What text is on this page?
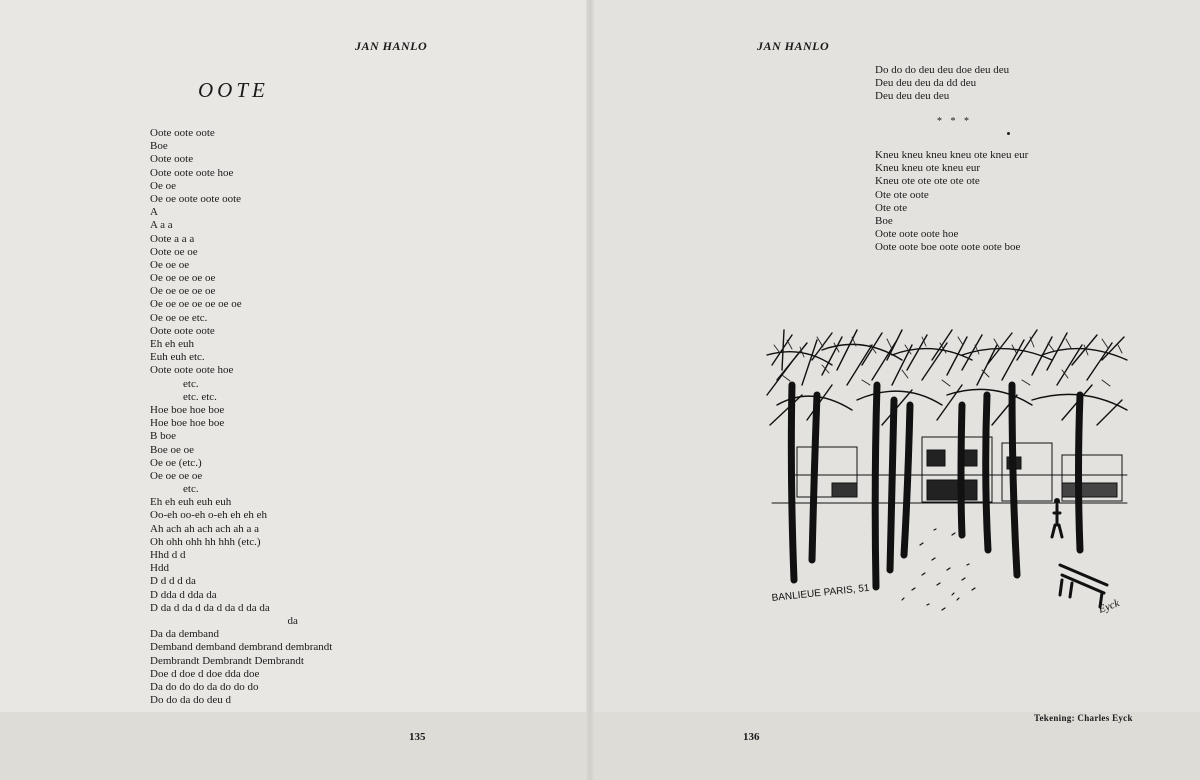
JAN HANLO
OOTE
Oote oote oote
Boe
Oote oote
Oote oote oote hoe
Oe oe
Oe oe oote oote oote
A
A a a
Oote a a a
Oote oe oe
Oe oe oe
Oe oe oe oe oe
Oe oe oe oe oe
Oe oe oe oe oe oe oe
Oe oe oe etc.
Oote oote oote
Eh eh euh
Euh euh etc.
Oote oote oote hoe
etc.
etc. etc.
Hoe boe hoe boe
Hoe boe hoe boe
B boe
Boe oe oe
Oe oe (etc.)
Oe oe oe oe
etc.
Eh eh euh euh euh
Oo-eh oo-eh o-eh eh eh eh
Ah ach ah ach ach ah a a
Oh ohh ohh hh hhh (etc.)
Hhd d d
Hdd
D d d d da
D dda d dda da
D da d da d da d da d da da
da
Da da demband
Demband demband dembrand dembrandt
Dembrandt Dembrandt Dembrandt
Doe d doe d doe dda doe
Da do do do da do do do
Do do da do deu d
135
JAN HANLO
Do do do deu deu doe deu deu
Deu deu deu da dd deu
Deu deu deu deu
* * *
Kneu kneu kneu kneu ote kneu eur
Kneu kneu ote kneu eur
Kneu ote ote ote ote ote
Ote ote oote
Ote ote
Boe
Oote oote oote hoe
Oote oote boe oote oote oote boe
BANLIEUE PARIS, 51
Eyck
Tekening: Charles Eyck
136
